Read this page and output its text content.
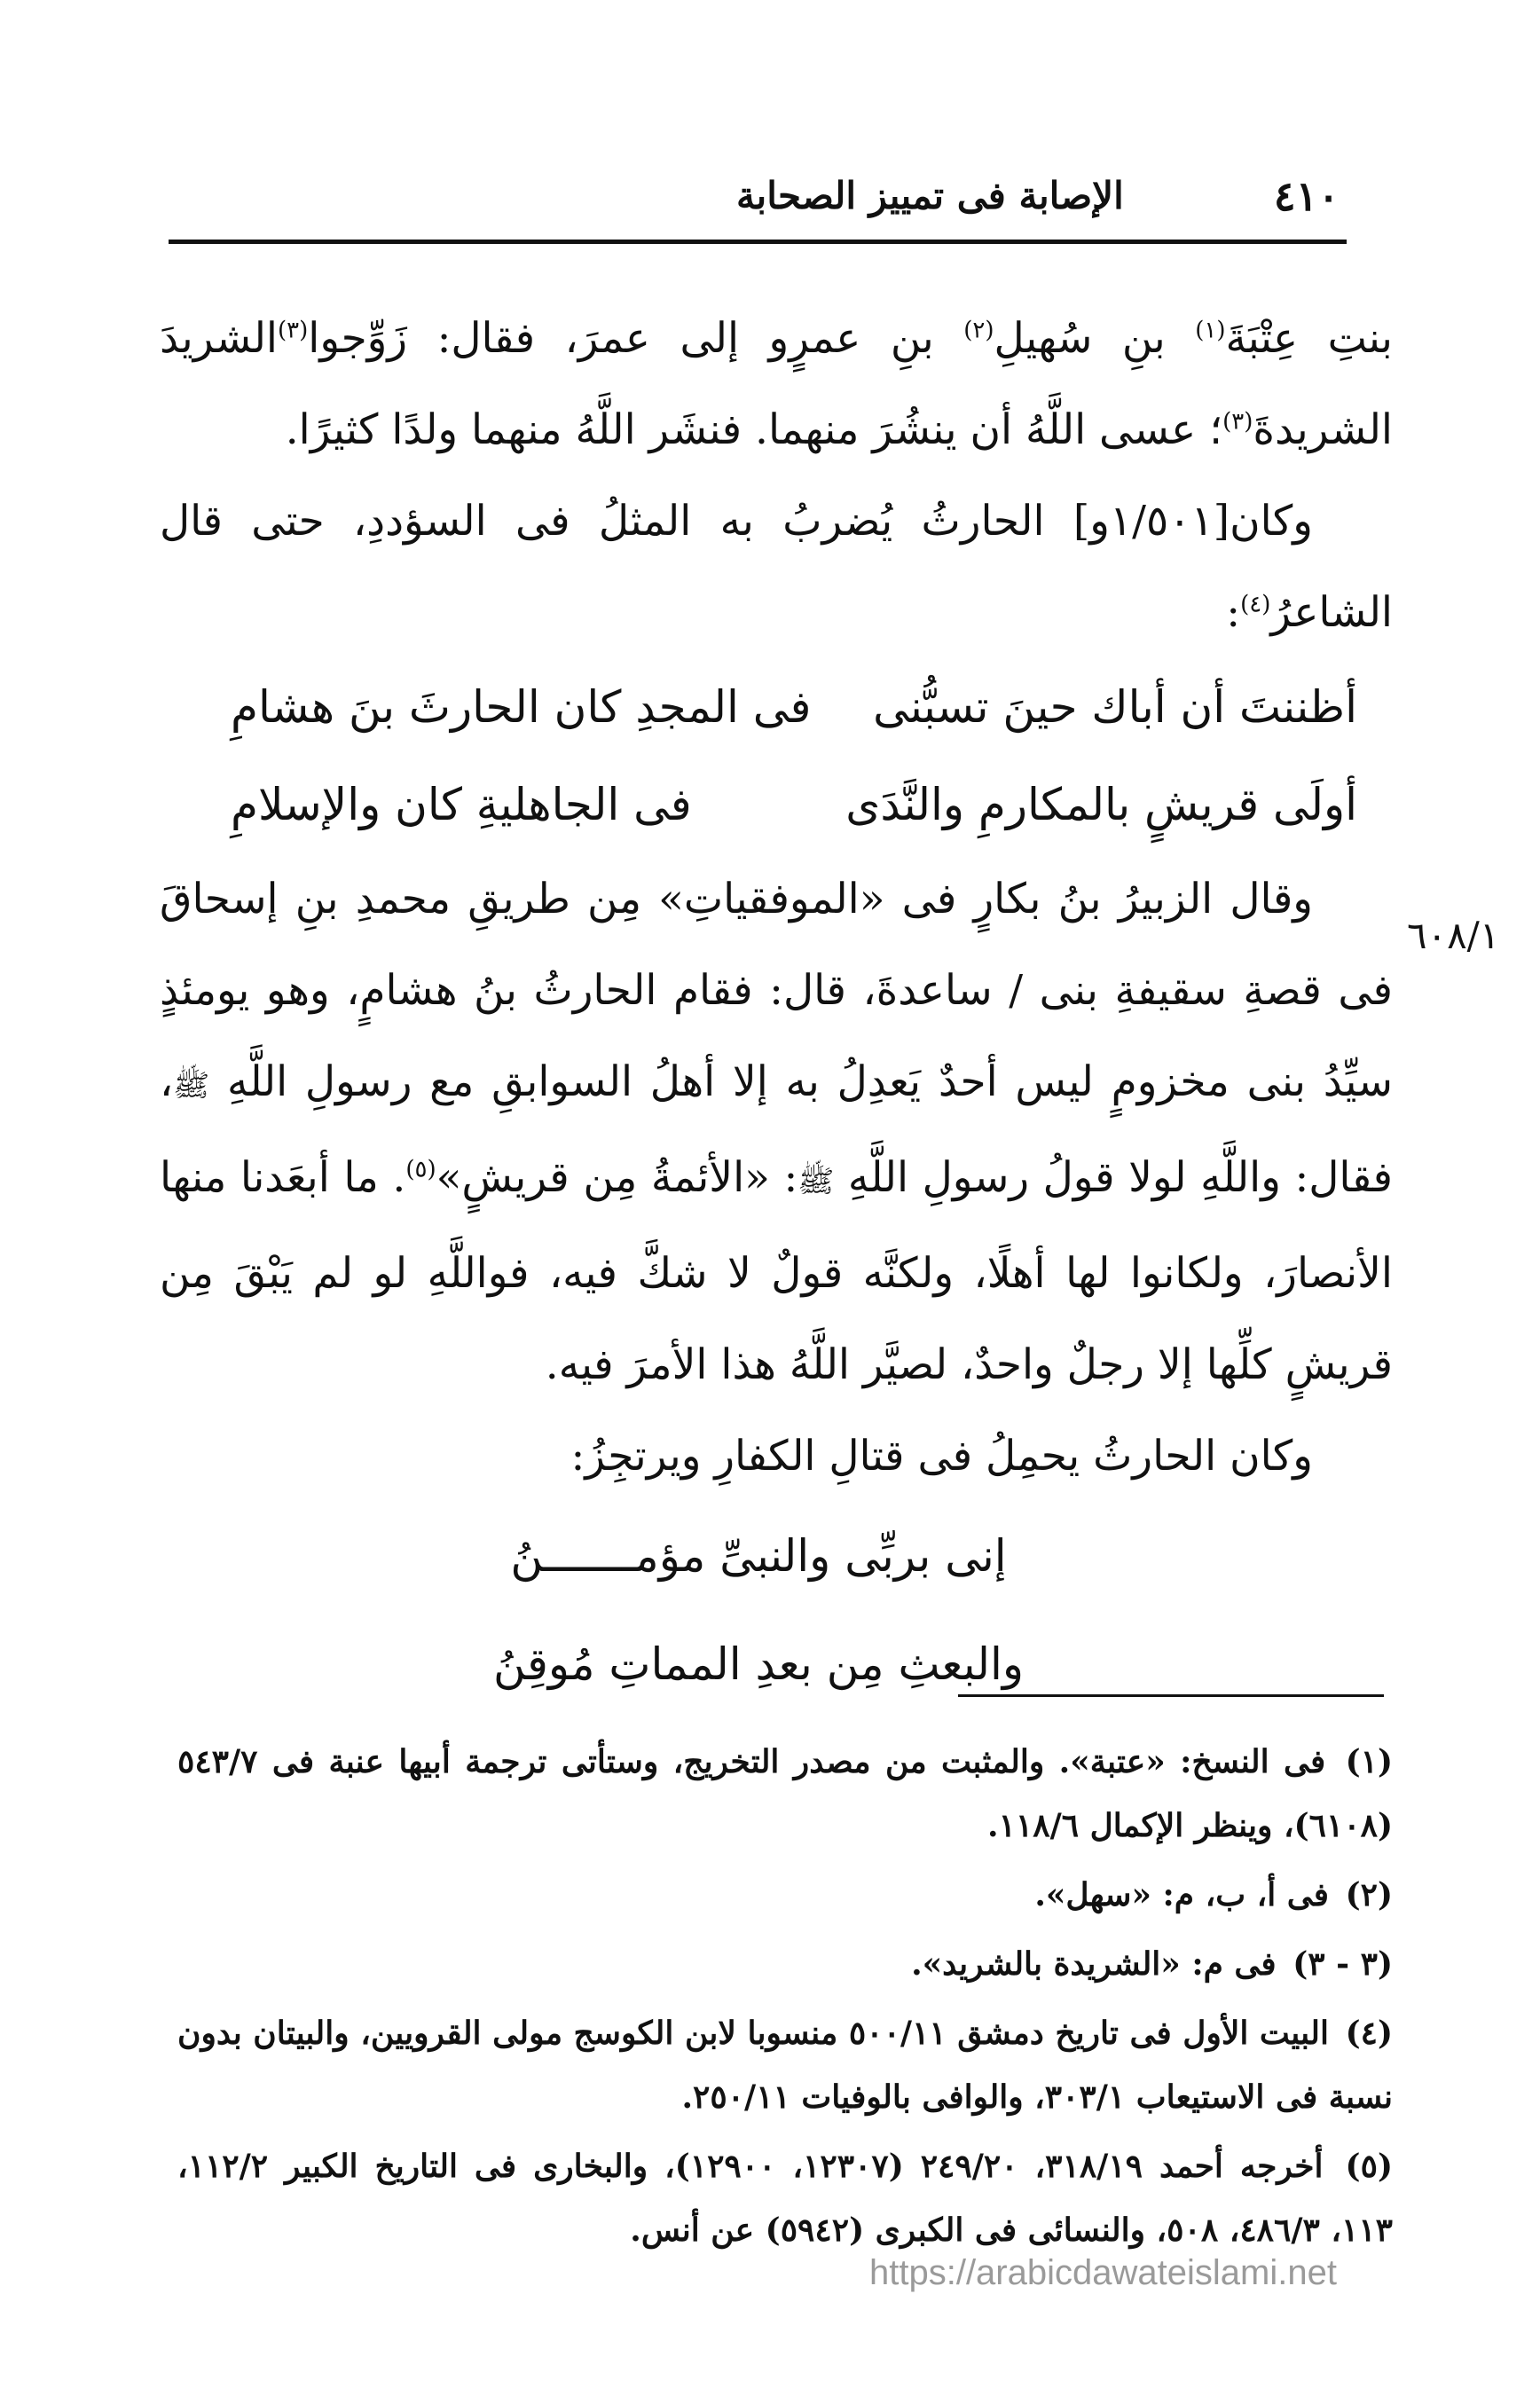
٤١٠
الإصابة فى تمييز الصحابة

بنتِ عِتْبَةَ$^{(١)}$ بنِ سُهيلِ$^{(٢)}$ بنِ عمرٍو إلى عمرَ، فقال: زَوِّجوا$^{(٣)}$الشريدَ الشريدةَ$^{(٣)}$؛ عسى اللَّهُ أن ينشُرَ منهما. فنشَر اللَّهُ منهما ولدًا كثيرًا.

وكان[١/٥٠١و] الحارثُ يُضربُ به المثلُ فى السؤددِ، حتى قال الشاعرُ$^{(٤)}$:

أظننتَ أن أباك حينَ تسبُّنى
فى المجدِ كان الحارثَ بنَ هشامِ
أولَى قريشٍ بالمكارمِ والنَّدَى
فى الجاهليةِ كان والإسلامِ

وقال الزبيرُ بنُ بكارٍ فى «الموفقياتِ» مِن طريقِ محمدِ بنِ إسحاقَ فى قصةِ سقيفةِ بنى / ساعدةَ، قال: فقام الحارثُ بنُ هشامٍ، وهو يومئذٍ سيِّدُ بنى مخزومٍ ليس أحدٌ يَعدِلُ به إلا أهلُ السوابقِ مع رسولِ اللَّهِ ﷺ، فقال: واللَّهِ لولا قولُ رسولِ اللَّهِ ﷺ: «الأئمةُ مِن قريشٍ»$^{(٥)}$. ما أبعَدنا منها الأنصارَ، ولكانوا لها أهلًا، ولكنَّه قولٌ لا شكَّ فيه، فواللَّهِ لو لم يَبْقَ مِن قريشٍ كلِّها إلا رجلٌ واحدٌ، لصيَّر اللَّهُ هذا الأمرَ فيه.

وكان الحارثُ يحمِلُ فى قتالِ الكفارِ ويرتجِزُ:

إنى بربِّى والنبىِّ مؤمـــــــنُ
والبعثِ مِن بعدِ المماتِ مُوقِنُ
٦٠٨/١

(١) فى النسخ: «عتبة». والمثبت من مصدر التخريج، وستأتى ترجمة أبيها عنبة فى ٥٤٣/٧ (٦١٠٨)، وينظر الإكمال ١١٨/٦.

(٢) فى أ، ب، م: «سهل».

(٣ - ٣) فى م: «الشريدة بالشريد».

(٤) البيت الأول فى تاريخ دمشق ٥٠٠/١١ منسوبا لابن الكوسج مولى القرويين، والبيتان بدون نسبة فى الاستيعاب ٣٠٣/١، والوافى بالوفيات ٢٥٠/١١.

(٥) أخرجه أحمد ٣١٨/١٩، ٢٤٩/٢٠ (١٢٣٠٧، ١٢٩٠٠)، والبخارى فى التاريخ الكبير ١١٢/٢، ١١٣، ٤٨٦/٣، ٥٠٨، والنسائى فى الكبرى (٥٩٤٢) عن أنس.

https://arabicdawateislami.net
